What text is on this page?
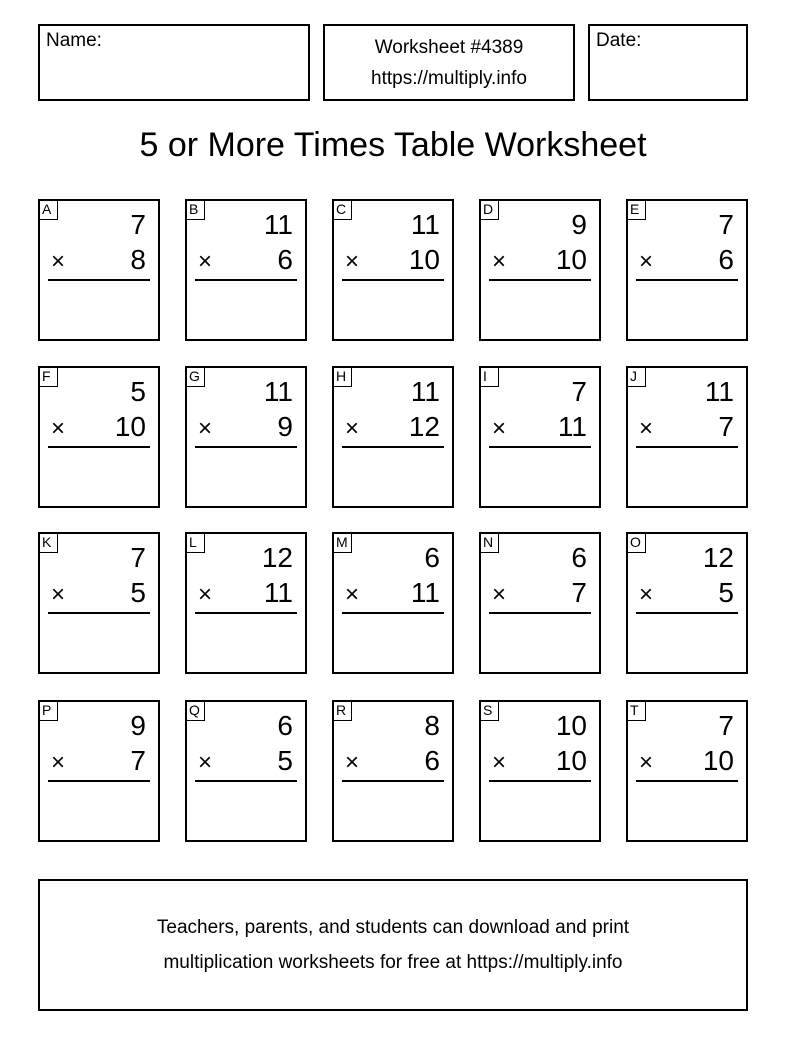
Name:	Worksheet #4389
https://multiply.info
Date:
5 or More Times Table Worksheet
A	7
× 8
B 11
× 6
C 11
× 10
D	9
× 10
E	7
× 6
F	5
× 10
G 11
× 9
H 11
× 12
I	7
× 11
J	11
× 7
K	7
× 5
L 12
× 11
M	6
× 11
N	6
× 7
O 12
× 5
P	9
× 7
Q	6
× 5
R	8
× 6
S 10
× 10
T	7
× 10
Teachers, parents, and students can download and print
multiplication worksheets for free at https://multiply.info
